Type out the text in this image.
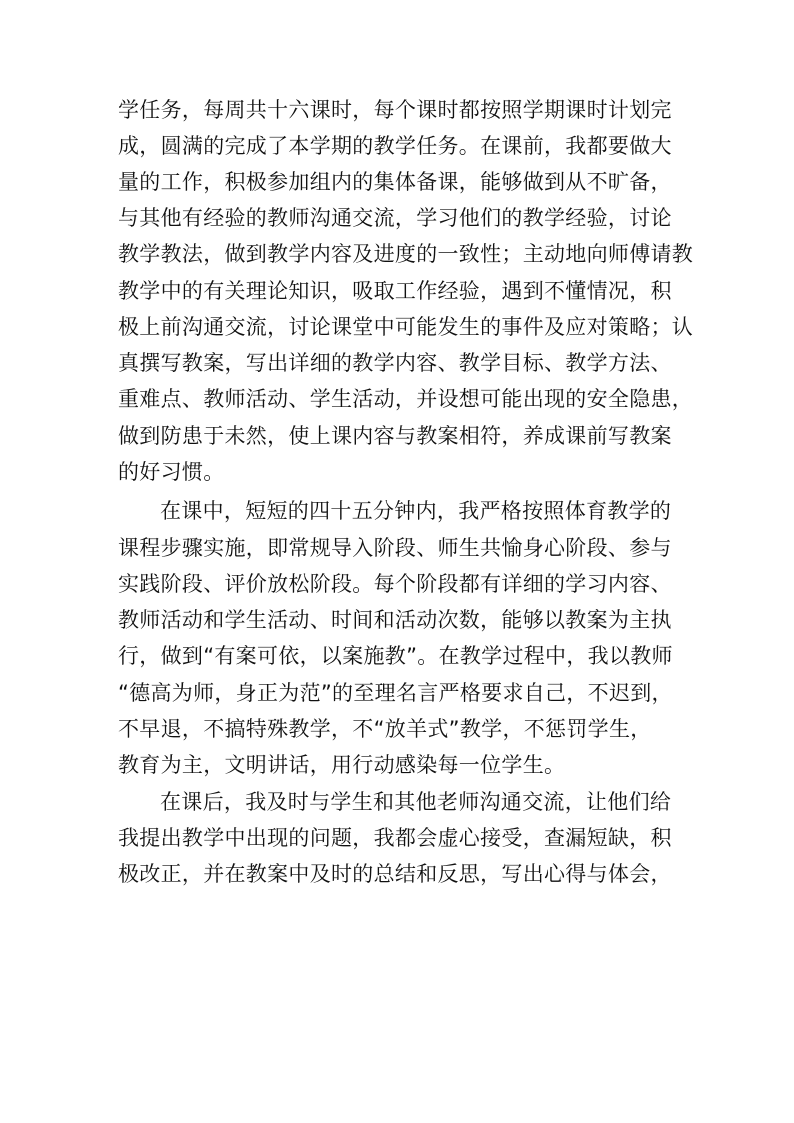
学任务，每周共十六课时，每个课时都按照学期课时计划完
成，圆满的完成了本学期的教学任务。在课前，我都要做大
量的工作，积极参加组内的集体备课，能够做到从不旷备，
与其他有经验的教师沟通交流，学习他们的教学经验，讨论
教学教法，做到教学内容及进度的一致性；主动地向师傅请教
教学中的有关理论知识，吸取工作经验，遇到不懂情况，积
极上前沟通交流，讨论课堂中可能发生的事件及应对策略；认
真撰写教案，写出详细的教学内容、教学目标、教学方法、
重难点、教师活动、学生活动，并设想可能出现的安全隐患，
做到防患于未然，使上课内容与教案相符，养成课前写教案
的好习惯。
在课中，短短的四十五分钟内，我严格按照体育教学的
课程步骤实施，即常规导入阶段、师生共愉身心阶段、参与
实践阶段、评价放松阶段。每个阶段都有详细的学习内容、
教师活动和学生活动、时间和活动次数，能够以教案为主执
行，做到“有案可依，以案施教”。在教学过程中，我以教师
“德高为师，身正为范”的至理名言严格要求自己，不迟到，
不早退，不搞特殊教学，不“放羊式”教学，不惩罚学生，
教育为主，文明讲话，用行动感染每一位学生。
在课后，我及时与学生和其他老师沟通交流，让他们给
我提出教学中出现的问题，我都会虚心接受，查漏短缺，积
极改正，并在教案中及时的总结和反思，写出心得与体会，
